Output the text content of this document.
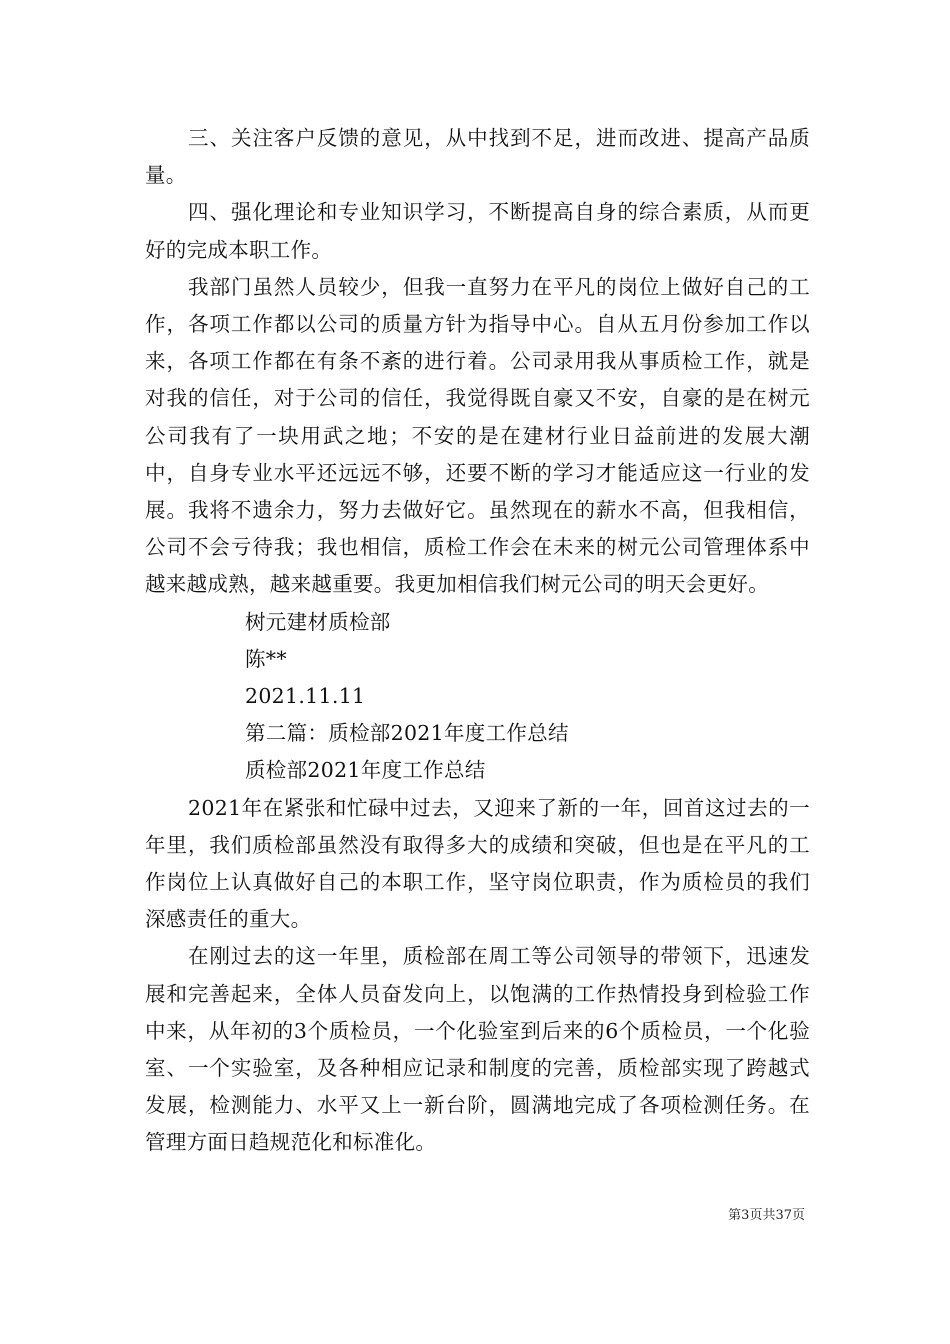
三、关注客户反馈的意见，从中找到不足，进而改进、提高产品质量。

四、强化理论和专业知识学习，不断提高自身的综合素质，从而更好的完成本职工作。

我部门虽然人员较少，但我一直努力在平凡的岗位上做好自己的工作，各项工作都以公司的质量方针为指导中心。自从五月份参加工作以来，各项工作都在有条不紊的进行着。公司录用我从事质检工作，就是对我的信任，对于公司的信任，我觉得既自豪又不安，自豪的是在树元公司我有了一块用武之地；不安的是在建材行业日益前进的发展大潮中，自身专业水平还远远不够，还要不断的学习才能适应这一行业的发展。我将不遗余力，努力去做好它。虽然现在的薪水不高，但我相信，公司不会亏待我；我也相信，质检工作会在未来的树元公司管理体系中越来越成熟，越来越重要。我更加相信我们树元公司的明天会更好。

树元建材质检部

陈**

2021.11.11

第二篇：质检部2021年度工作总结

质检部2021年度工作总结

2021年在紧张和忙碌中过去，又迎来了新的一年，回首这过去的一年里，我们质检部虽然没有取得多大的成绩和突破，但也是在平凡的工作岗位上认真做好自己的本职工作，坚守岗位职责，作为质检员的我们深感责任的重大。

在刚过去的这一年里，质检部在周工等公司领导的带领下，迅速发展和完善起来，全体人员奋发向上，以饱满的工作热情投身到检验工作中来，从年初的3个质检员，一个化验室到后来的6个质检员，一个化验室、一个实验室，及各种相应记录和制度的完善，质检部实现了跨越式发展，检测能力、水平又上一新台阶，圆满地完成了各项检测任务。在管理方面日趋规范化和标准化。

第3页共37页
